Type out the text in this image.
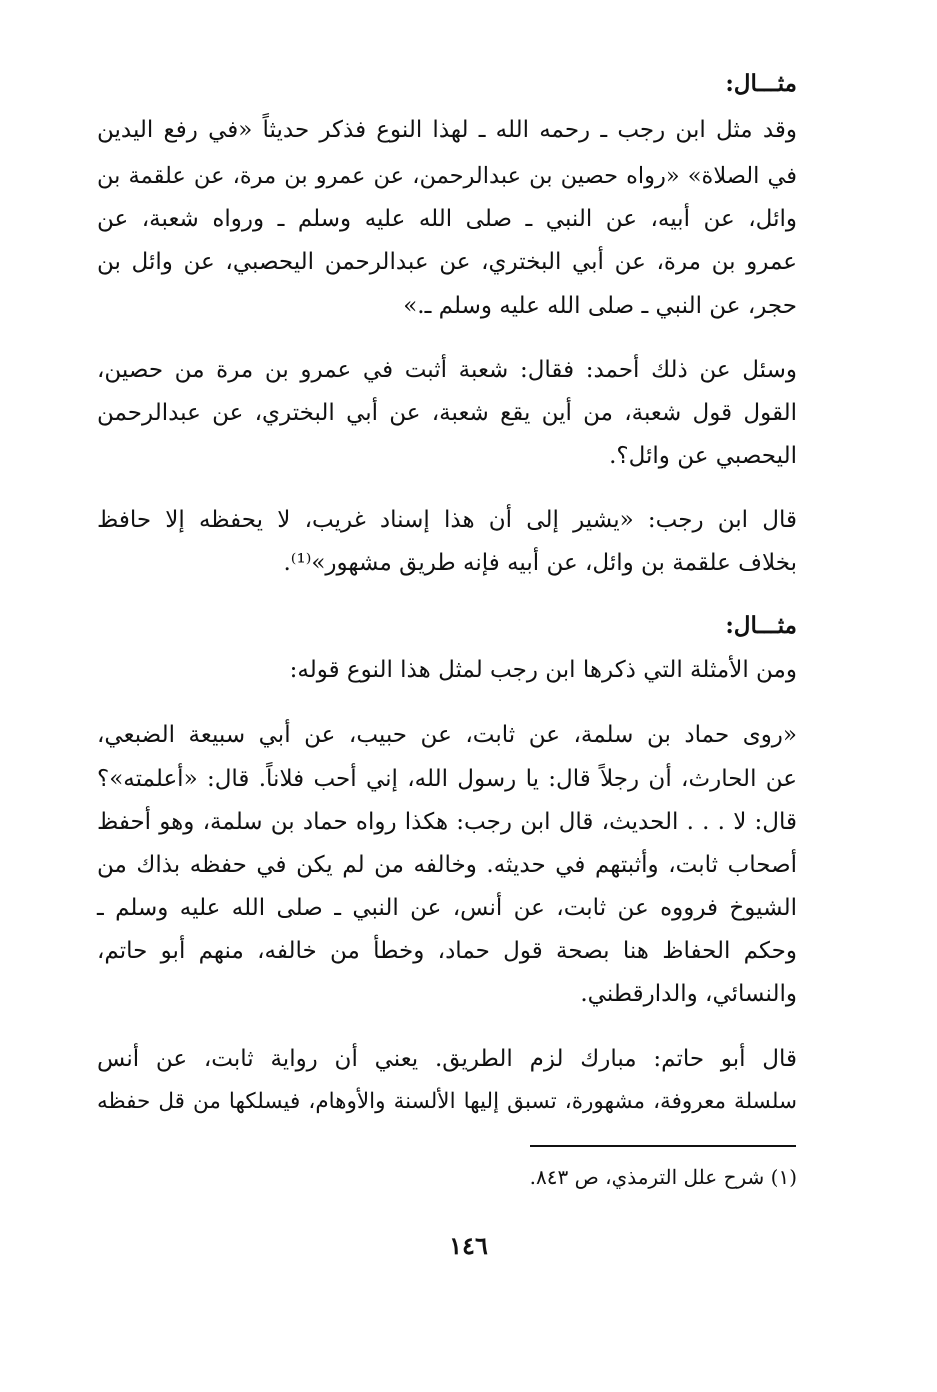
مثـــال:
وقد مثل ابن رجب ـ رحمه الله ـ لهذا النوع فذكر حديثاً «في رفع اليدين
في الصلاة» «رواه حصين بن عبدالرحمن، عن عمرو بن مرة، عن علقمة بن
وائل، عن أبيه، عن النبي ـ صلى الله عليه وسلم ـ ورواه شعبة، عن
عمرو بن مرة، عن أبي البختري، عن عبدالرحمن اليحصبي، عن وائل بن
حجر، عن النبي ـ صلى الله عليه وسلم ـ.»
وسئل عن ذلك أحمد: فقال: شعبة أثبت في عمرو بن مرة من حصين،
القول قول شعبة، من أين يقع شعبة، عن أبي البختري، عن عبدالرحمن
اليحصبي عن وائل؟.
قال ابن رجب: «يشير إلى أن هذا إسناد غريب، لا يحفظه إلا حافظ
بخلاف علقمة بن وائل، عن أبيه فإنه طريق مشهور»⁽¹⁾.
مثـــال:
ومن الأمثلة التي ذكرها ابن رجب لمثل هذا النوع قوله:
«روى حماد بن سلمة، عن ثابت، عن حبيب، عن أبي سبيعة الضبعي،
عن الحارث، أن رجلاً قال: يا رسول الله، إني أحب فلاناً. قال: «أعلمته»؟
قال: لا . . . الحديث، قال ابن رجب: هكذا رواه حماد بن سلمة، وهو أحفظ
أصحاب ثابت، وأثبتهم في حديثه. وخالفه من لم يكن في حفظه بذاك من
الشيوخ فرووه عن ثابت، عن أنس، عن النبي ـ صلى الله عليه وسلم ـ
وحكم الحفاظ هنا بصحة قول حماد، وخطأ من خالفه، منهم أبو حاتم،
والنسائي، والدارقطني.
قال أبو حاتم: مبارك لزم الطريق. يعني أن رواية ثابت، عن أنس
سلسلة معروفة، مشهورة، تسبق إليها الألسنة والأوهام، فيسلكها من قل حفظه
(١) شرح علل الترمذي، ص ٨٤٣.
١٤٦
